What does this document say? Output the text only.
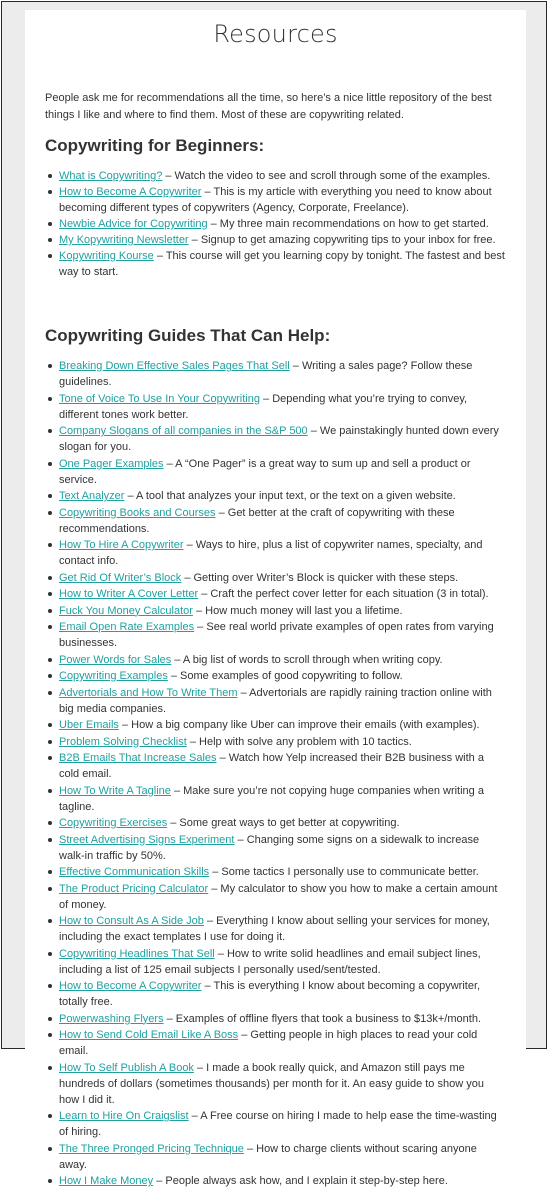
Resources

People ask me for recommendations all the time, so here’s a nice little repository of the best things I like and where to find them. Most of these are copywriting related.

Copywriting for Beginners:
What is Copywriting? – Watch the video to see and scroll through some of the examples.
How to Become A Copywriter – This is my article with everything you need to know about becoming different types of copywriters (Agency, Corporate, Freelance).
Newbie Advice for Copywriting – My three main recommendations on how to get started.
My Kopywriting Newsletter – Signup to get amazing copywriting tips to your inbox for free.
Kopywriting Kourse – This course will get you learning copy by tonight. The fastest and best way to start.
Copywriting Guides That Can Help:
Breaking Down Effective Sales Pages That Sell – Writing a sales page? Follow these guidelines.
Tone of Voice To Use In Your Copywriting – Depending what you’re trying to convey, different tones work better.
Company Slogans of all companies in the S&P 500 – We painstakingly hunted down every slogan for you.
One Pager Examples – A “One Pager” is a great way to sum up and sell a product or service.
Text Analyzer – A tool that analyzes your input text, or the text on a given website.
Copywriting Books and Courses – Get better at the craft of copywriting with these recommendations.
How To Hire A Copywriter – Ways to hire, plus a list of copywriter names, specialty, and contact info.
Get Rid Of Writer’s Block – Getting over Writer’s Block is quicker with these steps.
How to Writer A Cover Letter – Craft the perfect cover letter for each situation (3 in total).
Fuck You Money Calculator – How much money will last you a lifetime.
Email Open Rate Examples – See real world private examples of open rates from varying businesses.
Power Words for Sales – A big list of words to scroll through when writing copy.
Copywriting Examples – Some examples of good copywriting to follow.
Advertorials and How To Write Them – Advertorials are rapidly raining traction online with big media companies.
Uber Emails – How a big company like Uber can improve their emails (with examples).
Problem Solving Checklist – Help with solve any problem with 10 tactics.
B2B Emails That Increase Sales – Watch how Yelp increased their B2B business with a cold email.
How To Write A Tagline – Make sure you’re not copying huge companies when writing a tagline.
Copywriting Exercises – Some great ways to get better at copywriting.
Street Advertising Signs Experiment – Changing some signs on a sidewalk to increase walk-in traffic by 50%.
Effective Communication Skills – Some tactics I personally use to communicate better.
The Product Pricing Calculator – My calculator to show you how to make a certain amount of money.
How to Consult As A Side Job – Everything I know about selling your services for money, including the exact templates I use for doing it.
Copywriting Headlines That Sell – How to write solid headlines and email subject lines, including a list of 125 email subjects I personally used/sent/tested.
How to Become A Copywriter – This is everything I know about becoming a copywriter, totally free.
Powerwashing Flyers – Examples of offline flyers that took a business to $13k+/month.
How to Send Cold Email Like A Boss – Getting people in high places to read your cold email.
How To Self Publish A Book – I made a book really quick, and Amazon still pays me hundreds of dollars (sometimes thousands) per month for it. An easy guide to show you how I did it.
Learn to Hire On Craigslist – A Free course on hiring I made to help ease the time-wasting of hiring.
The Three Pronged Pricing Technique – How to charge clients without scaring anyone away.
How I Make Money – People always ask how, and I explain it step-by-step here.
